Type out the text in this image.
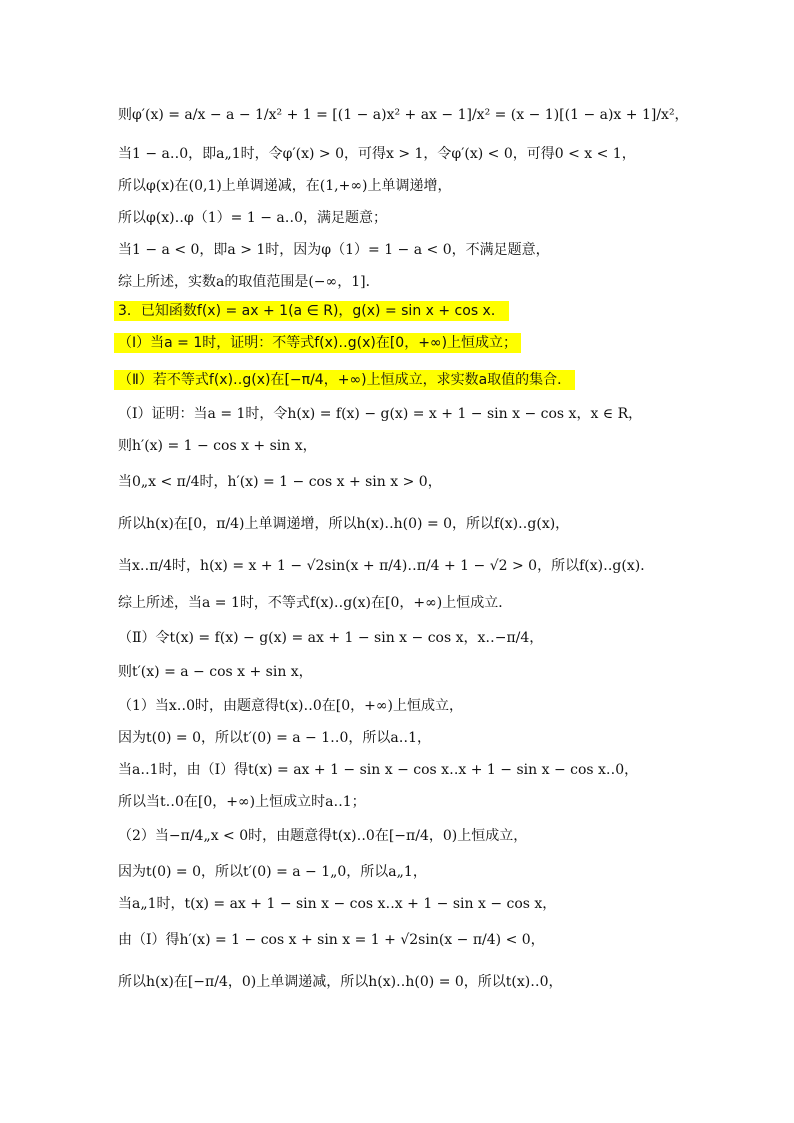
则φ′(x) = a/x − a − 1/x² + 1 = [(1 − a)x² + ax − 1]/x² = (x − 1)[(1 − a)x + 1]/x²，
当1 − a‥0，即a„1时，令φ′(x) > 0，可得x > 1，令φ′(x) < 0，可得0 < x < 1，
所以φ(x)在(0,1)上单调递减，在(1,+∞)上单调递增，
所以φ(x)‥φ（1）= 1 − a‥0，满足题意；
当1 − a < 0，即a > 1时，因为φ（1）= 1 − a < 0，不满足题意，
综上所述，实数a的取值范围是(−∞，1]．
3．已知函数f(x) = ax + 1(a ∈ R)，g(x) = sin x + cos x．
（Ⅰ）当a = 1时，证明：不等式f(x)‥g(x)在[0，+∞)上恒成立；
（Ⅱ）若不等式f(x)‥g(x)在[−π/4，+∞)上恒成立，求实数a取值的集合．
（Ⅰ）证明：当a = 1时，令h(x) = f(x) − g(x) = x + 1 − sin x − cos x，x ∈ R，
则h′(x) = 1 − cos x + sin x，
当0„x < π/4时，h′(x) = 1 − cos x + sin x > 0，
所以h(x)在[0，π/4)上单调递增，所以h(x)‥h(0) = 0，所以f(x)‥g(x)，
当x‥π/4时，h(x) = x + 1 − √2sin(x + π/4)‥π/4 + 1 − √2 > 0，所以f(x)‥g(x)．
综上所述，当a = 1时，不等式f(x)‥g(x)在[0，+∞)上恒成立．
（Ⅱ）令t(x) = f(x) − g(x) = ax + 1 − sin x − cos x，x‥−π/4，
则t′(x) = a − cos x + sin x，
（1）当x‥0时，由题意得t(x)‥0在[0，+∞)上恒成立，
因为t(0) = 0，所以t′(0) = a − 1‥0，所以a‥1，
当a‥1时，由（Ⅰ）得t(x) = ax + 1 − sin x − cos x‥x + 1 − sin x − cos x‥0，
所以当t‥0在[0，+∞)上恒成立时a‥1；
（2）当−π/4„x < 0时，由题意得t(x)‥0在[−π/4，0)上恒成立，
因为t(0) = 0，所以t′(0) = a − 1„0，所以a„1，
当a„1时，t(x) = ax + 1 − sin x − cos x‥x + 1 − sin x − cos x，
由（Ⅰ）得h′(x) = 1 − cos x + sin x = 1 + √2sin(x − π/4) < 0，
所以h(x)在[−π/4，0)上单调递减，所以h(x)‥h(0) = 0，所以t(x)‥0，
